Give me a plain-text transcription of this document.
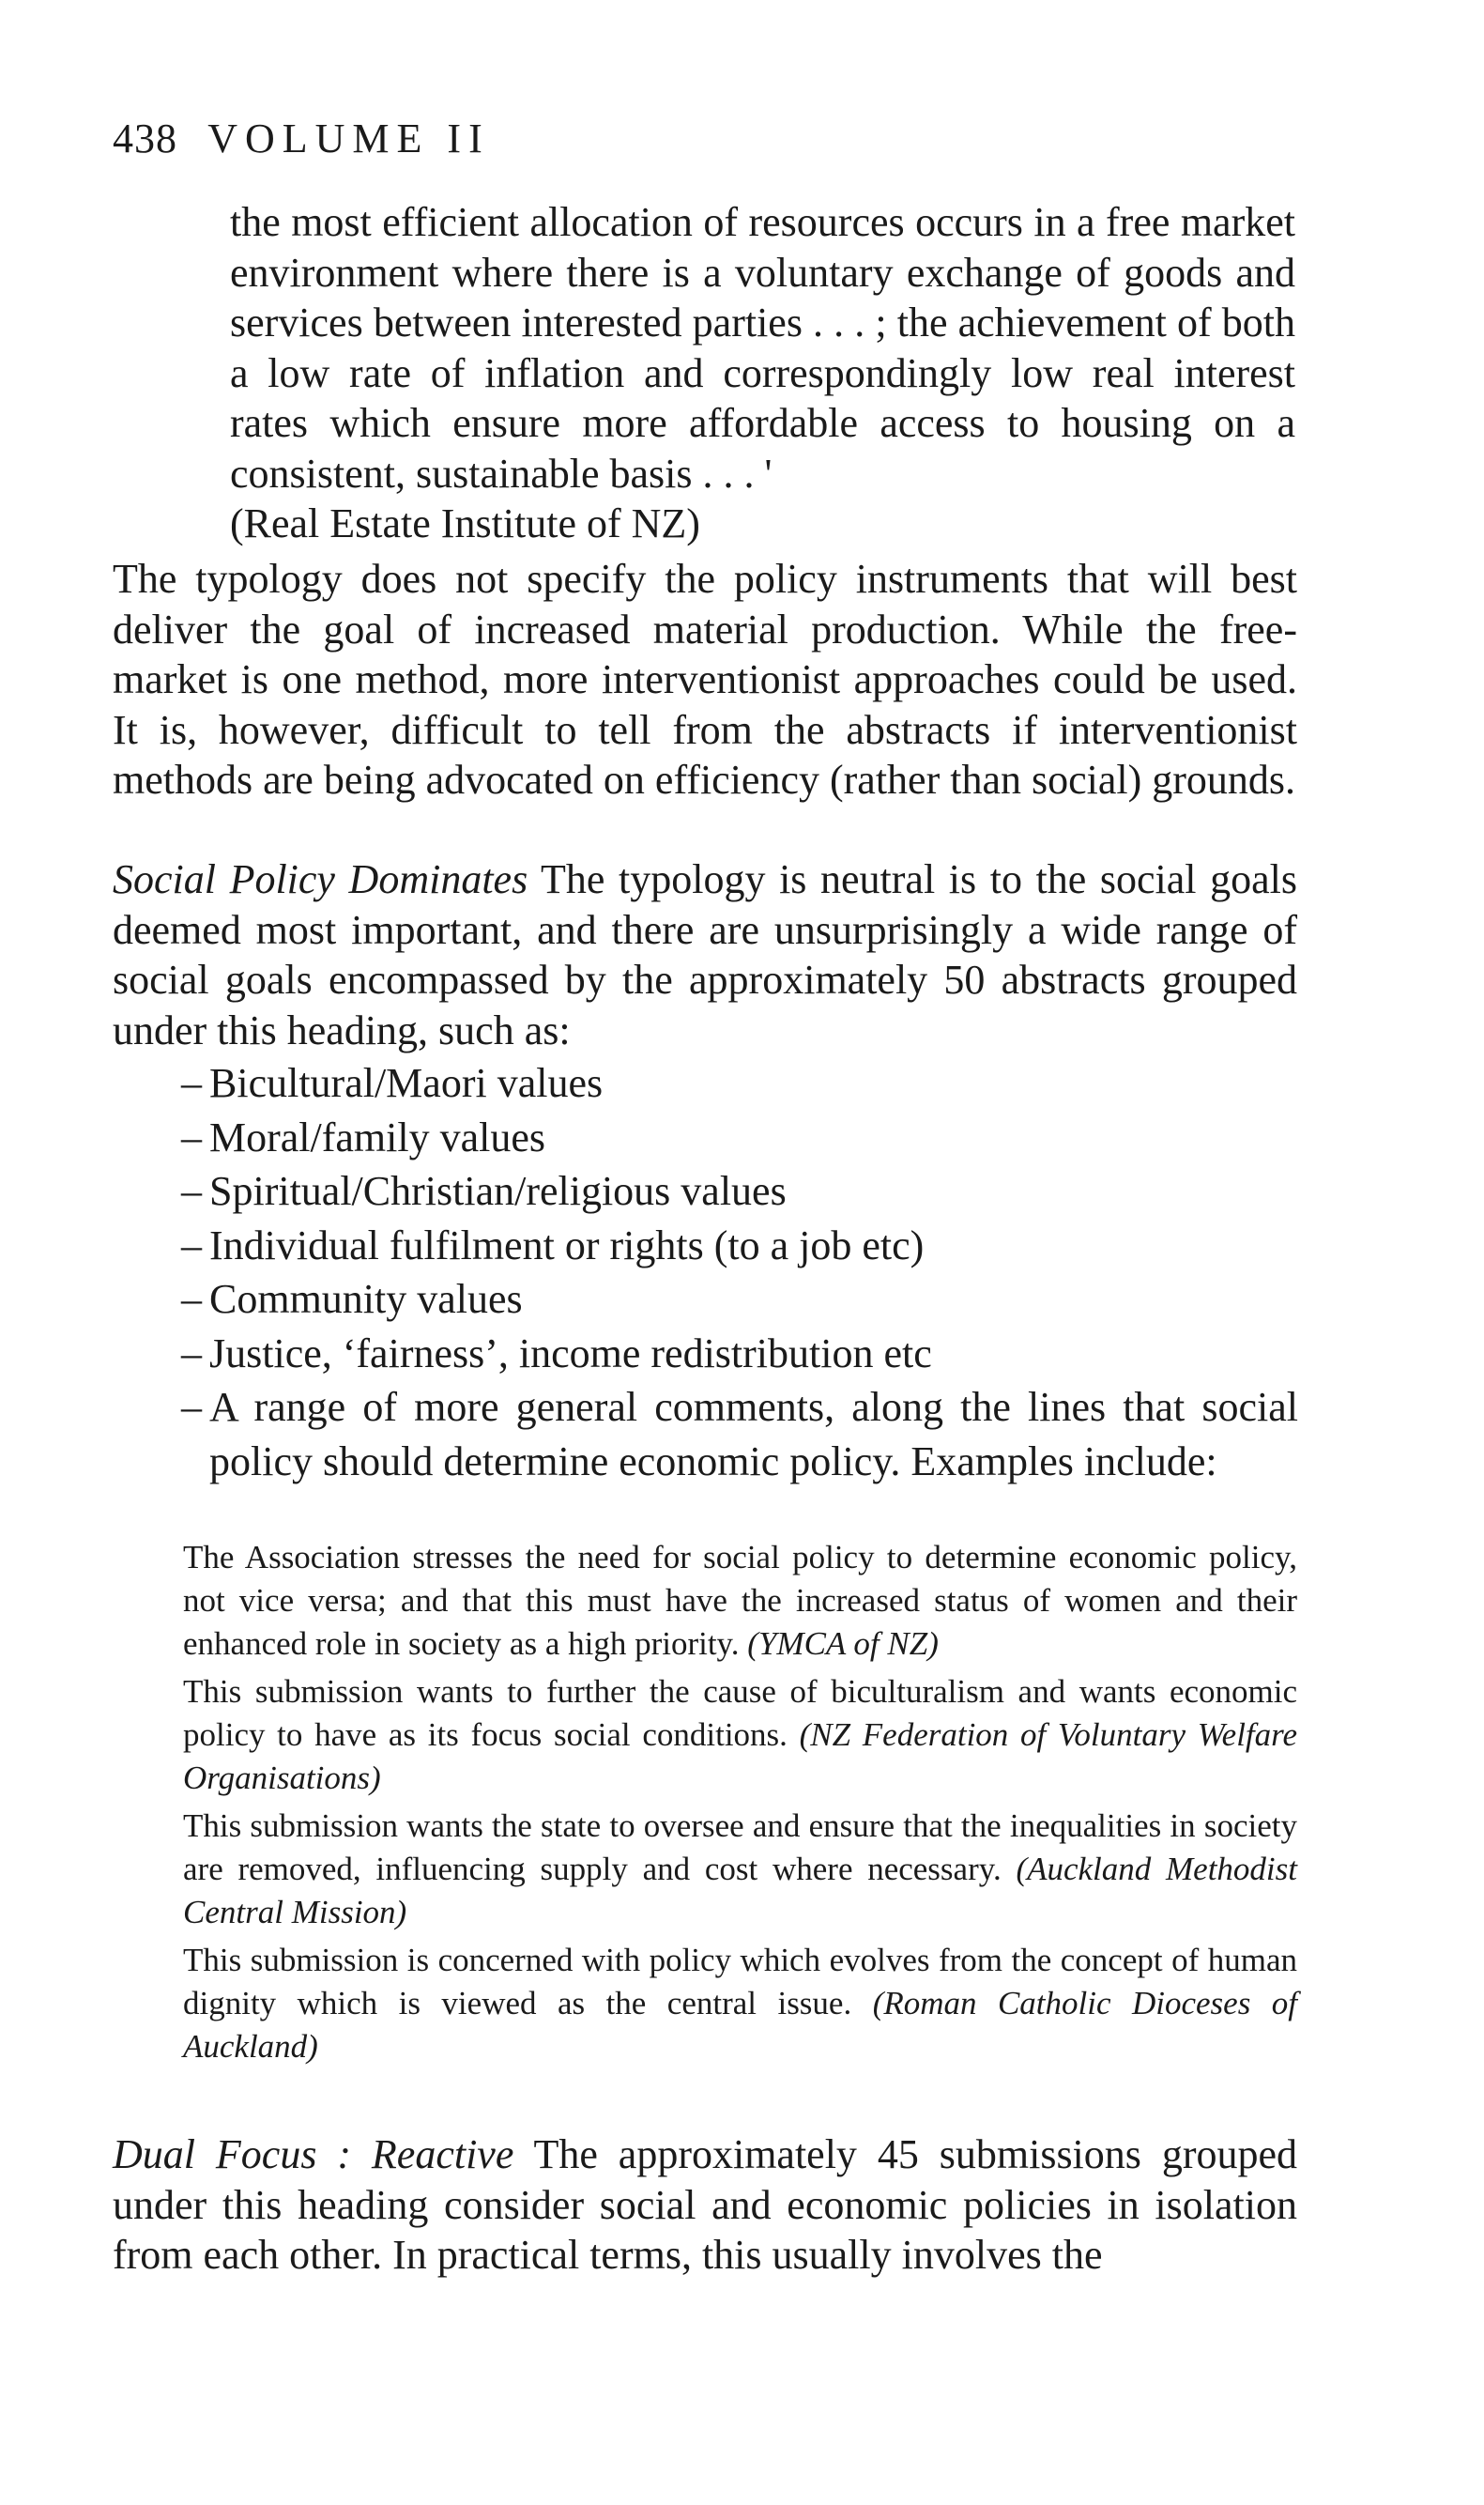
438 VOLUME II
the most efficient allocation of resources occurs in a free market environment where there is a voluntary exchange of goods and services between interested parties . . . ; the achievement of both a low rate of inflation and correspondingly low real interest rates which ensure more affordable access to housing on a consistent, sustainable basis . . . '
(Real Estate Institute of NZ)
The typology does not specify the policy instruments that will best deliver the goal of increased material production. While the free-market is one method, more interventionist approaches could be used. It is, however, difficult to tell from the abstracts if interventionist methods are being advocated on efficiency (rather than social) grounds.
Social Policy Dominates The typology is neutral is to the social goals deemed most important, and there are unsurprisingly a wide range of social goals encompassed by the approximately 50 abstracts grouped under this heading, such as:
– Bicultural/Maori values
– Moral/family values
– Spiritual/Christian/religious values
– Individual fulfilment or rights (to a job etc)
– Community values
– Justice, ‘fairness’, income redistribution etc
– A range of more general comments, along the lines that social policy should determine economic policy. Examples include:
The Association stresses the need for social policy to determine economic policy, not vice versa; and that this must have the increased status of women and their enhanced role in society as a high priority. (YMCA of NZ)
This submission wants to further the cause of biculturalism and wants economic policy to have as its focus social conditions. (NZ Federation of Voluntary Welfare Organisations)
This submission wants the state to oversee and ensure that the inequalities in society are removed, influencing supply and cost where necessary. (Auckland Methodist Central Mission)
This submission is concerned with policy which evolves from the concept of human dignity which is viewed as the central issue. (Roman Catholic Dioceses of Auckland)
Dual Focus : Reactive The approximately 45 submissions grouped under this heading consider social and economic policies in isolation from each other. In practical terms, this usually involves the
